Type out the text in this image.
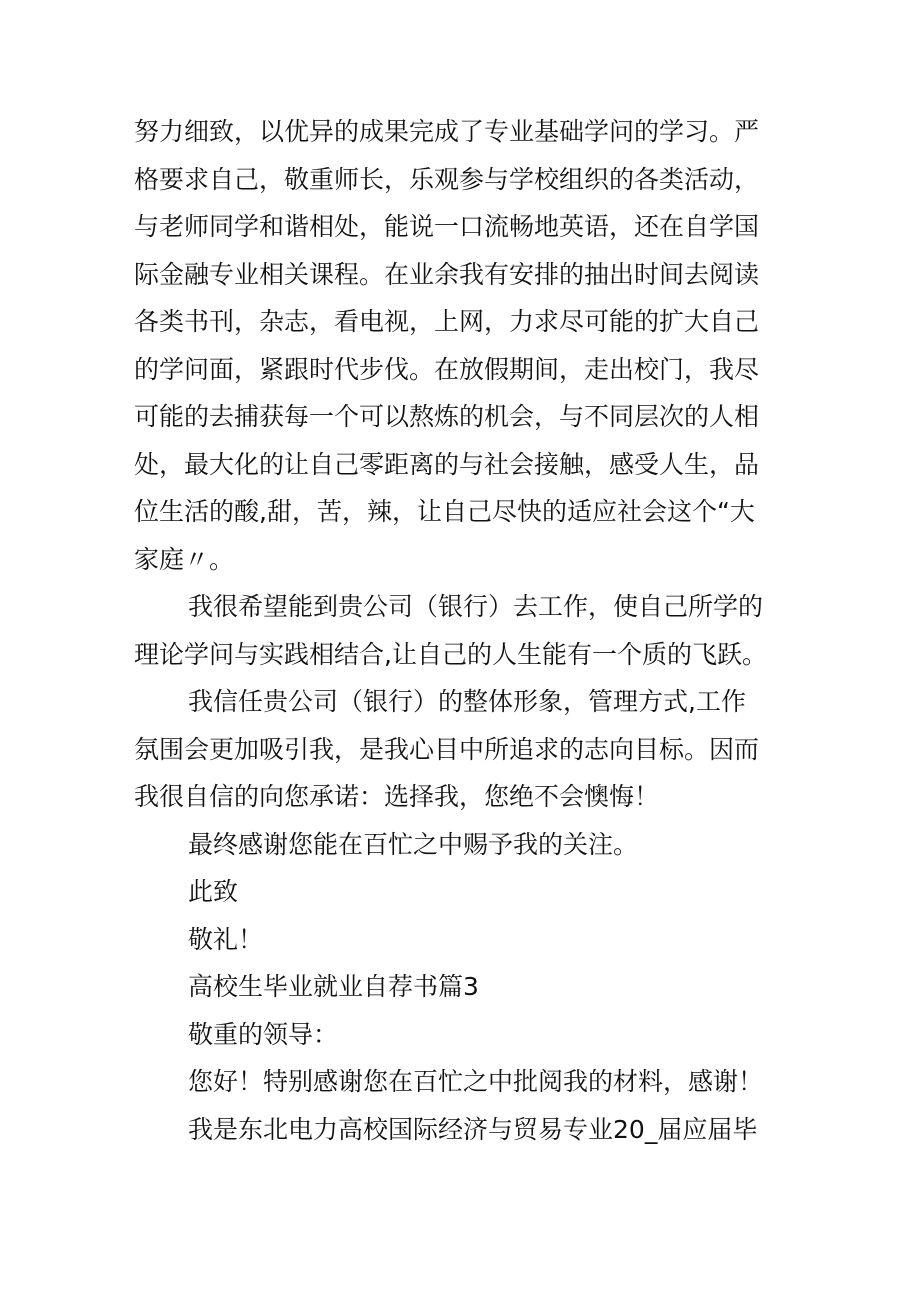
努力细致，以优异的成果完成了专业基础学问的学习。严
格要求自己，敬重师长，乐观参与学校组织的各类活动，
与老师同学和谐相处，能说一口流畅地英语，还在自学国
际金融专业相关课程。在业余我有安排的抽出时间去阅读
各类书刊，杂志，看电视，上网，力求尽可能的扩大自己
的学问面，紧跟时代步伐。在放假期间，走出校门，我尽
可能的去捕获每一个可以熬炼的机会，与不同层次的人相
处，最大化的让自己零距离的与社会接触，感受人生，品
位生活的酸,甜，苦，辣，让自己尽快的适应社会这个“大
家庭〃。
我很希望能到贵公司（银行）去工作，使自己所学的
理论学问与实践相结合,让自己的人生能有一个质的飞跃。
我信任贵公司（银行）的整体形象，管理方式,工作
氛围会更加吸引我，是我心目中所追求的志向目标。因而
我很自信的向您承诺：选择我，您绝不会懊悔！
最终感谢您能在百忙之中赐予我的关注。
此致
敬礼！
高校生毕业就业自荐书篇3
敬重的领导：
您好！特别感谢您在百忙之中批阅我的材料，感谢！
我是东北电力高校国际经济与贸易专业20_届应届毕
